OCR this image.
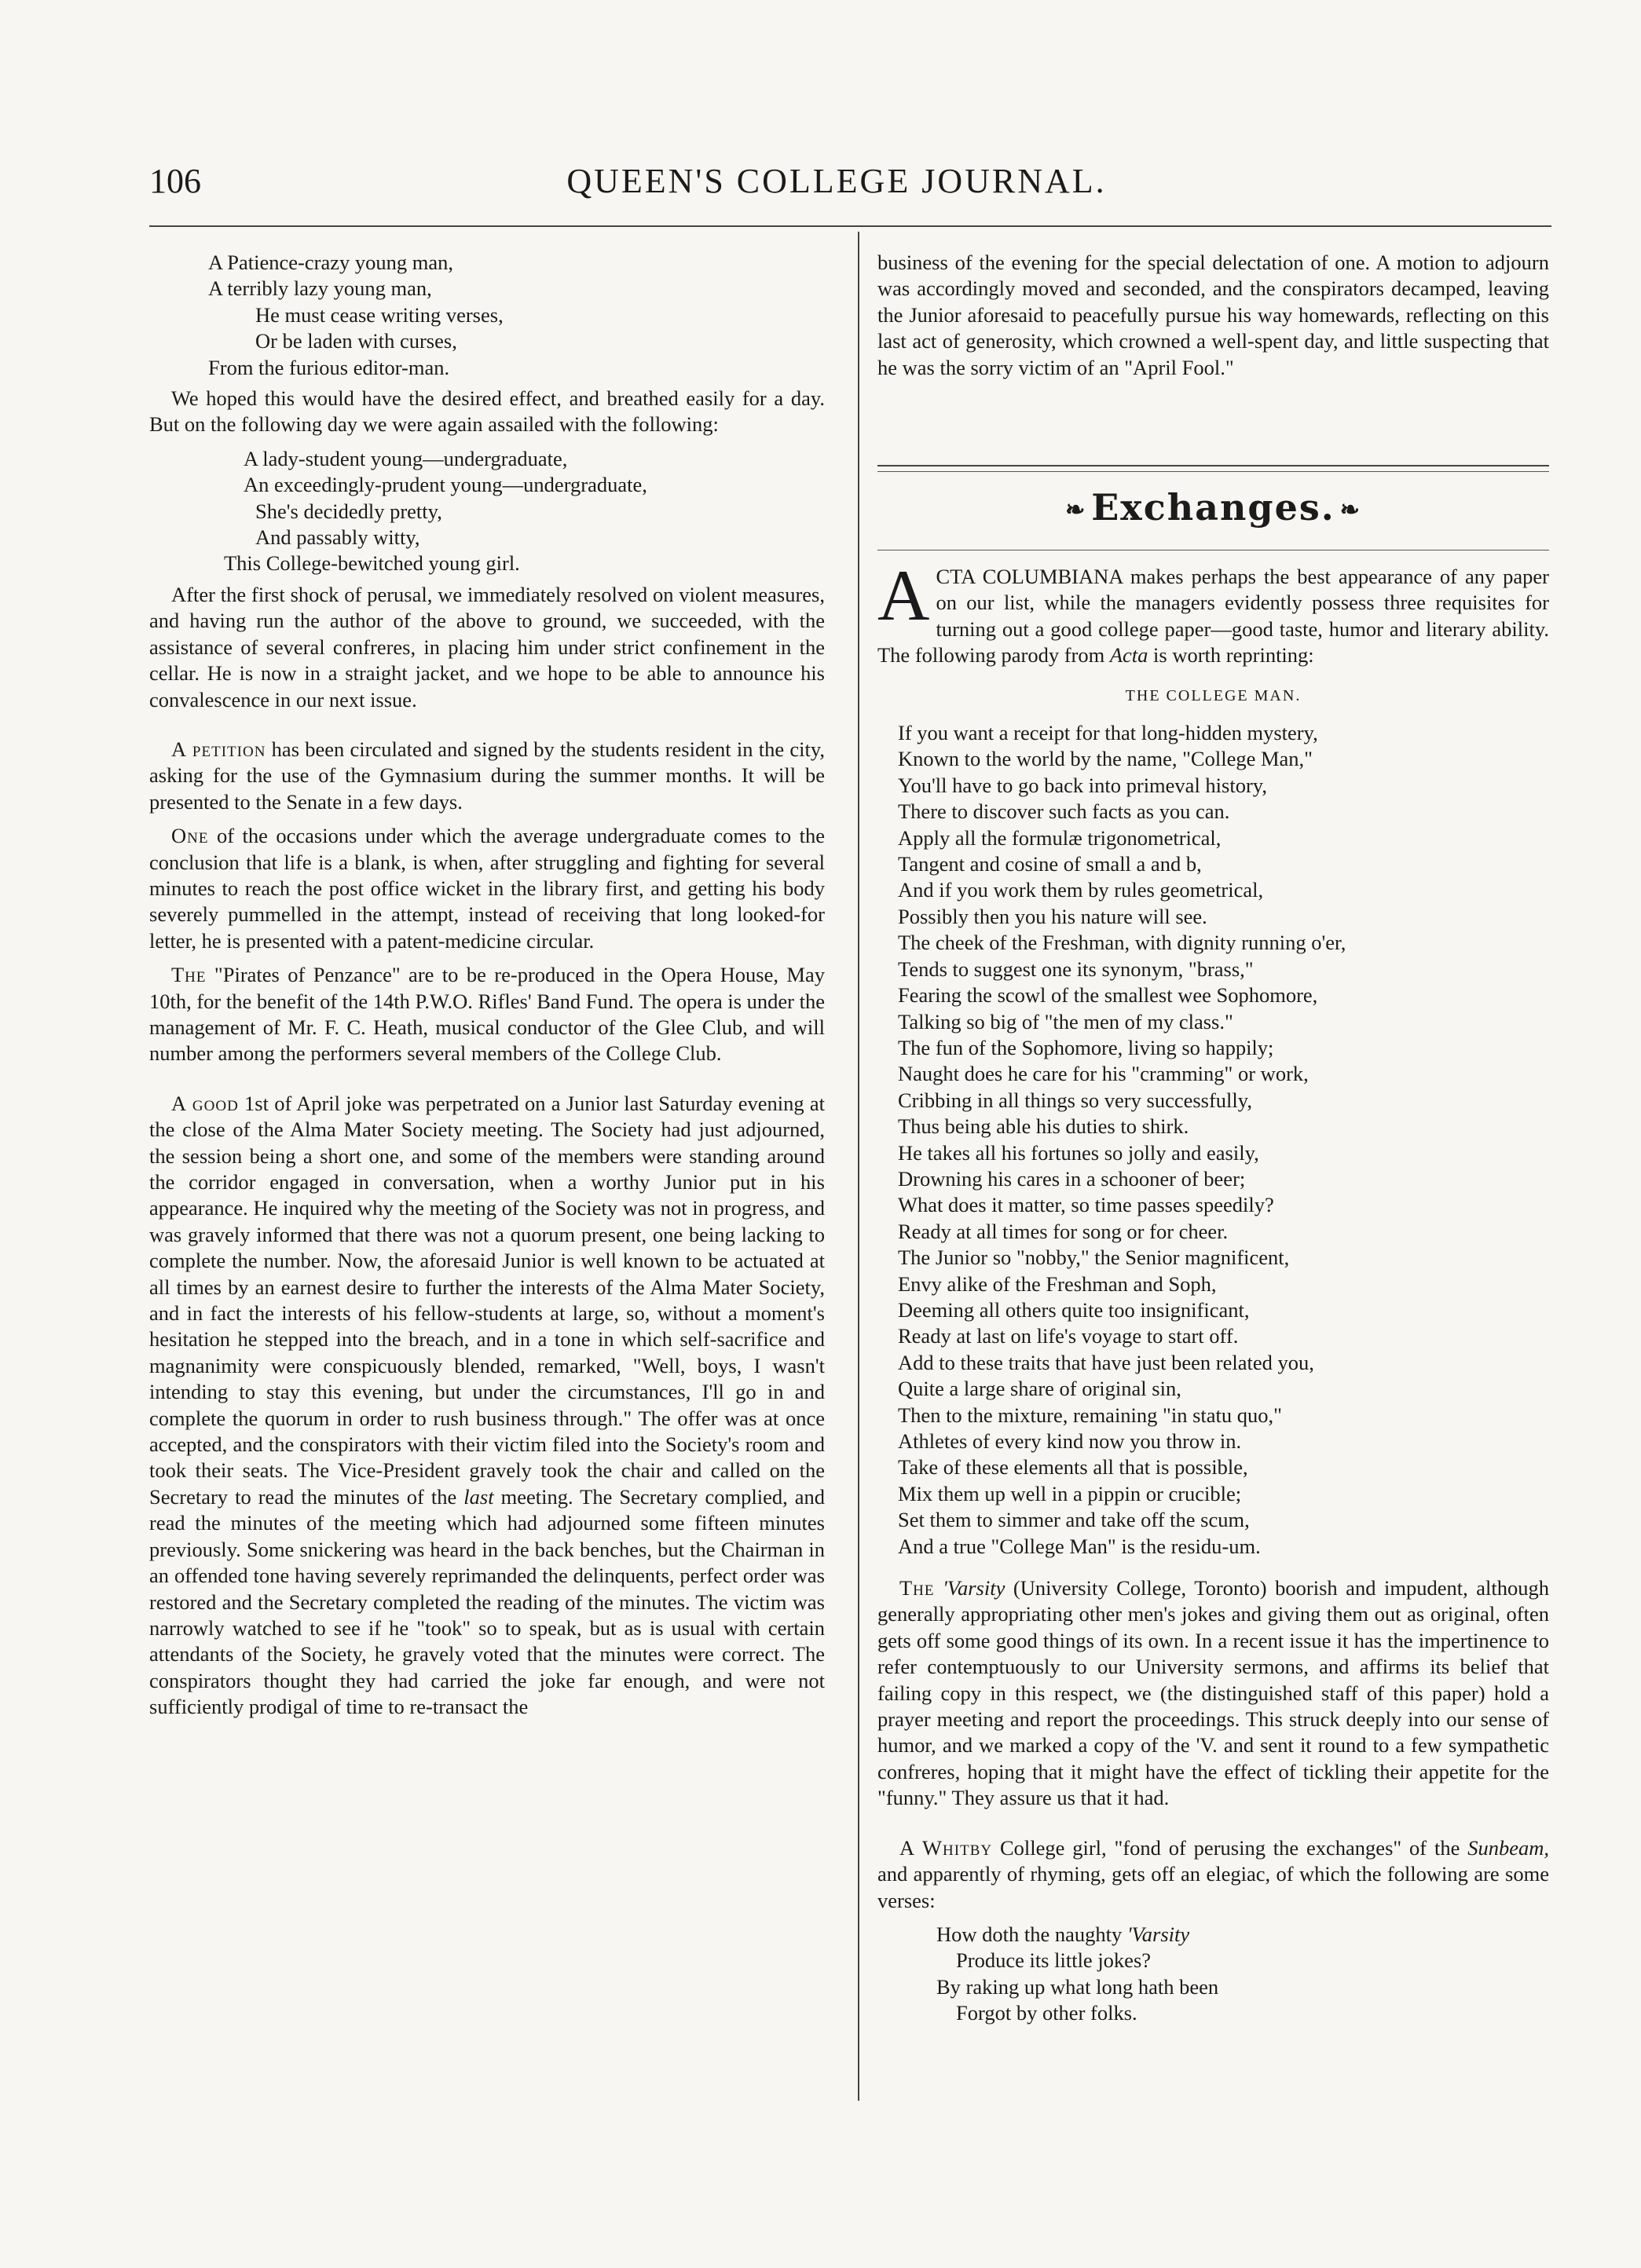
106	QUEEN'S COLLEGE JOURNAL.
A Patience-crazy young man,
A terribly lazy young man,
He must cease writing verses,
Or be laden with curses,
From the furious editor-man.

We hoped this would have the desired effect, and breathed easily for a day. But on the following day we were again assailed with the following:

A lady-student young—undergraduate,
An exceedingly-prudent young—undergraduate,
She's decidedly pretty,
And passably witty,
This College-bewitched young girl.

After the first shock of perusal, we immediately resolved on violent measures, and having run the author of the above to ground, we succeeded, with the assistance of several confreres, in placing him under strict confinement in the cellar. He is now in a straight jacket, and we hope to be able to announce his convalescence in our next issue.

A petition has been circulated and signed by the students resident in the city, asking for the use of the Gymnasium during the summer months. It will be presented to the Senate in a few days.

One of the occasions under which the average undergraduate comes to the conclusion that life is a blank, is when, after struggling and fighting for several minutes to reach the post office wicket in the library first, and getting his body severely pummelled in the attempt, instead of receiving that long looked-for letter, he is presented with a patent-medicine circular.

The "Pirates of Penzance" are to be re-produced in the Opera House, May 10th, for the benefit of the 14th P.W.O. Rifles' Band Fund. The opera is under the management of Mr. F. C. Heath, musical conductor of the Glee Club, and will number among the performers several members of the College Club.

A good 1st of April joke was perpetrated on a Junior last Saturday evening at the close of the Alma Mater Society meeting. The Society had just adjourned, the session being a short one, and some of the members were standing around the corridor engaged in conversation, when a worthy Junior put in his appearance. He inquired why the meeting of the Society was not in progress, and was gravely informed that there was not a quorum present, one being lacking to complete the number. Now, the aforesaid Junior is well known to be actuated at all times by an earnest desire to further the interests of the Alma Mater Society, and in fact the interests of his fellow-students at large, so, without a moment's hesitation he stepped into the breach, and in a tone in which self-sacrifice and magnanimity were conspicuously blended, remarked, "Well, boys, I wasn't intending to stay this evening, but under the circumstances, I'll go in and complete the quorum in order to rush business through." The offer was at once accepted, and the conspirators with their victim filed into the Society's room and took their seats. The Vice-President gravely took the chair and called on the Secretary to read the minutes of the last meeting. The Secretary complied, and read the minutes of the meeting which had adjourned some fifteen minutes previously. Some snickering was heard in the back benches, but the Chairman in an offended tone having severely reprimanded the delinquents, perfect order was restored and the Secretary completed the reading of the minutes. The victim was narrowly watched to see if he "took" so to speak, but as is usual with certain attendants of the Society, he gravely voted that the minutes were correct. The conspirators thought they had carried the joke far enough, and were not sufficiently prodigal of time to re-transact the

business of the evening for the special delectation of one. A motion to adjourn was accordingly moved and seconded, and the conspirators decamped, leaving the Junior aforesaid to peacefully pursue his way homewards, reflecting on this last act of generosity, which crowned a well-spent day, and little suspecting that he was the sorry victim of an "April Fool."

❧ Exchanges. ❧

ACTA COLUMBIANA makes perhaps the best appearance of any paper on our list, while the managers evidently possess three requisites for turning out a good college paper—good taste, humor and literary ability. The following parody from Acta is worth reprinting:

THE COLLEGE MAN.
If you want a receipt for that long-hidden mystery,
Known to the world by the name, "College Man,"
You'll have to go back into primeval history,
There to discover such facts as you can.
Apply all the formulæ trigonometrical,
Tangent and cosine of small a and b,
And if you work them by rules geometrical,
Possibly then you his nature will see.
The cheek of the Freshman, with dignity running o'er,
Tends to suggest one its synonym, "brass,"
Fearing the scowl of the smallest wee Sophomore,
Talking so big of "the men of my class."
The fun of the Sophomore, living so happily;
Naught does he care for his "cramming" or work,
Cribbing in all things so very successfully,
Thus being able his duties to shirk.
He takes all his fortunes so jolly and easily,
Drowning his cares in a schooner of beer;
What does it matter, so time passes speedily?
Ready at all times for song or for cheer.
The Junior so "nobby," the Senior magnificent,
Envy alike of the Freshman and Soph,
Deeming all others quite too insignificant,
Ready at last on life's voyage to start off.
Add to these traits that have just been related you,
Quite a large share of original sin,
Then to the mixture, remaining "in statu quo,"
Athletes of every kind now you throw in.
Take of these elements all that is possible,
Mix them up well in a pippin or crucible;
Set them to simmer and take off the scum,
And a true "College Man" is the residu-um.

The 'Varsity (University College, Toronto) boorish and impudent, although generally appropriating other men's jokes and giving them out as original, often gets off some good things of its own. In a recent issue it has the impertinence to refer contemptuously to our University sermons, and affirms its belief that failing copy in this respect, we (the distinguished staff of this paper) hold a prayer meeting and report the proceedings. This struck deeply into our sense of humor, and we marked a copy of the 'V. and sent it round to a few sympathetic confreres, hoping that it might have the effect of tickling their appetite for the "funny." They assure us that it had.

A Whitby College girl, "fond of perusing the exchanges" of the Sunbeam, and apparently of rhyming, gets off an elegiac, of which the following are some verses:

How doth the naughty 'Varsity
Produce its little jokes?
By raking up what long hath been
Forgot by other folks.
